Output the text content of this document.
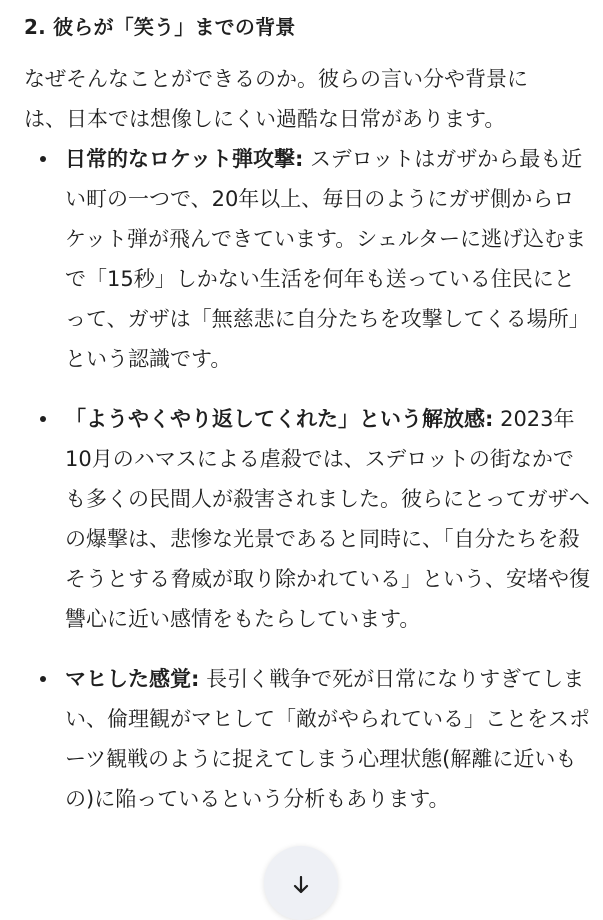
2. 彼らが「笑う」までの背景

なぜそんなことができるのか。彼らの言い分や背景には、日本では想像しにくい過酷な日常があります。

日常的なロケット弾攻撃: スデロットはガザから最も近い町の一つで、20年以上、毎日のようにガザ側からロケット弾が飛んできています。シェルターに逃げ込むまで「15秒」しかない生活を何年も送っている住民にとって、ガザは「無慈悲に自分たちを攻撃してくる場所」という認識です。
「ようやくやり返してくれた」という解放感: 2023年10月のハマスによる虐殺では、スデロットの街なかでも多くの民間人が殺害されました。彼らにとってガザへの爆撃は、悲惨な光景であると同時に、「自分たちを殺そうとする脅威が取り除かれている」という、安堵や復讐心に近い感情をもたらしています。
マヒした感覚: 長引く戦争で死が日常になりすぎてしまい、倫理観がマヒして「敵がやられている」ことをスポーツ観戦のように捉えてしまう心理状態(解離に近いもの)に陥っているという分析もあります。
